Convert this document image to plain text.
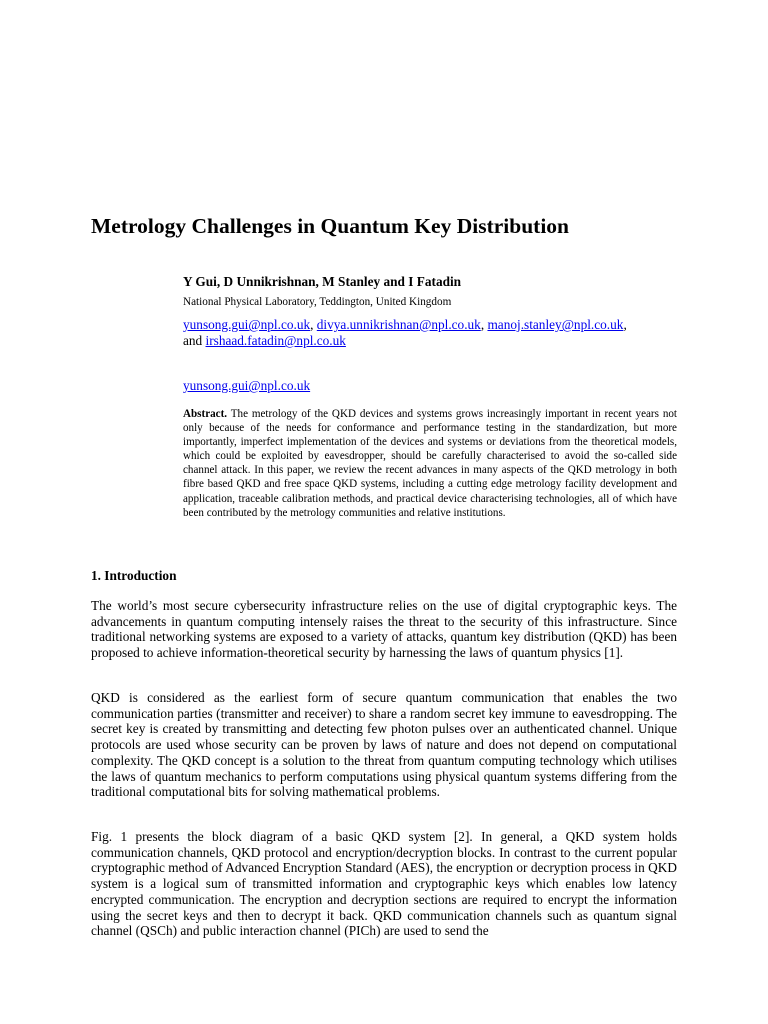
Metrology Challenges in Quantum Key Distribution
Y Gui, D Unnikrishnan, M Stanley and I Fatadin
National Physical Laboratory, Teddington, United Kingdom
yunsong.gui@npl.co.uk, divya.unnikrishnan@npl.co.uk, manoj.stanley@npl.co.uk,
and irshaad.fatadin@npl.co.uk
yunsong.gui@npl.co.uk

Abstract. The metrology of the QKD devices and systems grows increasingly important in recent years not only because of the needs for conformance and performance testing in the standardization, but more importantly, imperfect implementation of the devices and systems or deviations from the theoretical models, which could be exploited by eavesdropper, should be carefully characterised to avoid the so-called side channel attack. In this paper, we review the recent advances in many aspects of the QKD metrology in both fibre based QKD and free space QKD systems, including a cutting edge metrology facility development and application, traceable calibration methods, and practical device characterising technologies, all of which have been contributed by the metrology communities and relative institutions.

1. Introduction

The world’s most secure cybersecurity infrastructure relies on the use of digital cryptographic keys. The advancements in quantum computing intensely raises the threat to the security of this infrastructure. Since traditional networking systems are exposed to a variety of attacks, quantum key distribution (QKD) has been proposed to achieve information-theoretical security by harnessing the laws of quantum physics [1].

QKD is considered as the earliest form of secure quantum communication that enables the two communication parties (transmitter and receiver) to share a random secret key immune to eavesdropping. The secret key is created by transmitting and detecting few photon pulses over an authenticated channel. Unique protocols are used whose security can be proven by laws of nature and does not depend on computational complexity. The QKD concept is a solution to the threat from quantum computing technology which utilises the laws of quantum mechanics to perform computations using physical quantum systems differing from the traditional computational bits for solving mathematical problems.

Fig. 1 presents the block diagram of a basic QKD system [2]. In general, a QKD system holds communication channels, QKD protocol and encryption/decryption blocks. In contrast to the current popular cryptographic method of Advanced Encryption Standard (AES), the encryption or decryption process in QKD system is a logical sum of transmitted information and cryptographic keys which enables low latency encrypted communication. The encryption and decryption sections are required to encrypt the information using the secret keys and then to decrypt it back. QKD communication channels such as quantum signal channel (QSCh) and public interaction channel (PICh) are used to send the
